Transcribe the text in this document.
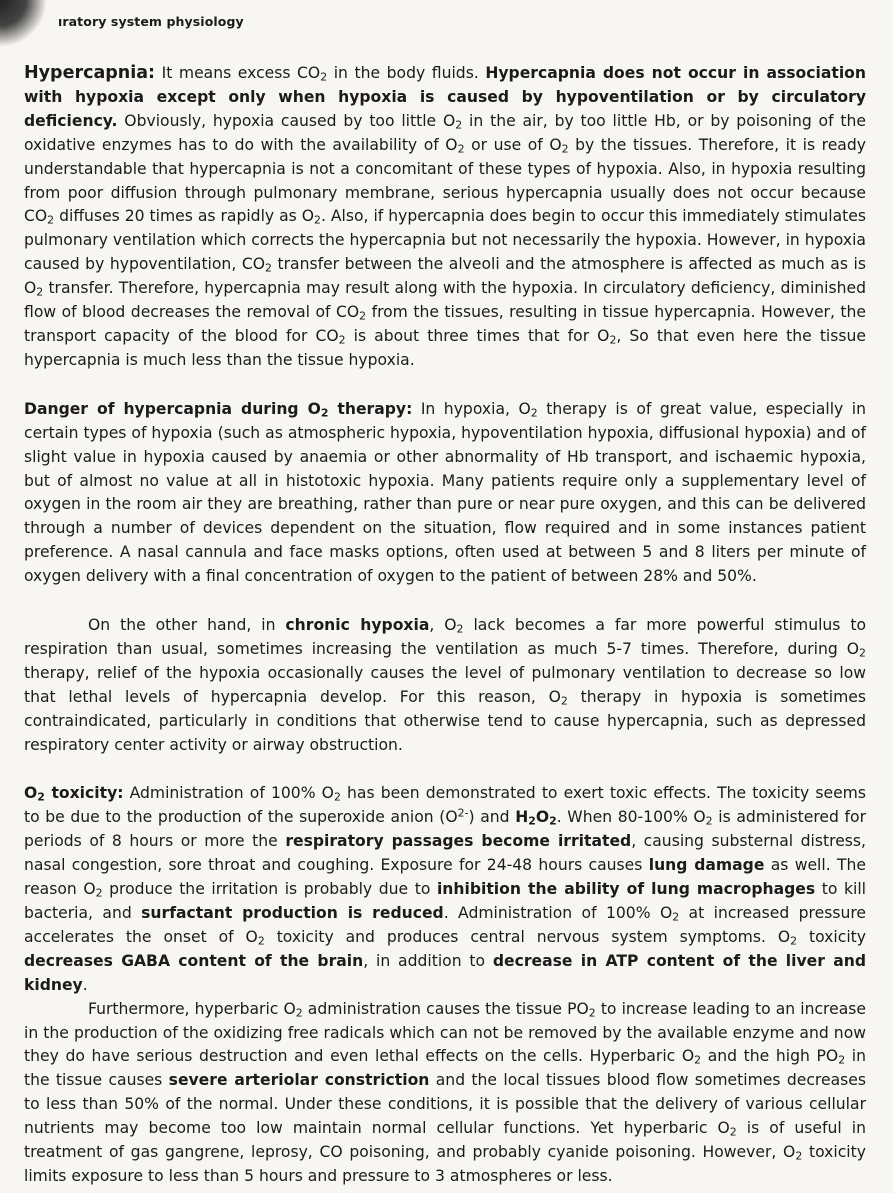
ıratory system physiology

Hypercapnia: It means excess $CO_2$ in the body fluids. Hypercapnia does not occur in association with hypoxia except only when hypoxia is caused by hypoventilation or by circulatory deficiency. Obviously, hypoxia caused by too little $O_2$ in the air, by too little Hb, or by poisoning of the oxidative enzymes has to do with the availability of $O_2$ or use of $O_2$ by the tissues. Therefore, it is ready understandable that hypercapnia is not a concomitant of these types of hypoxia. Also, in hypoxia resulting from poor diffusion through pulmonary membrane, serious hypercapnia usually does not occur because $CO_2$ diffuses 20 times as rapidly as $O_2$. Also, if hypercapnia does begin to occur this immediately stimulates pulmonary ventilation which corrects the hypercapnia but not necessarily the hypoxia. However, in hypoxia caused by hypoventilation, $CO_2$ transfer between the alveoli and the atmosphere is affected as much as is $O_2$ transfer. Therefore, hypercapnia may result along with the hypoxia. In circulatory deficiency, diminished flow of blood decreases the removal of $CO_2$ from the tissues, resulting in tissue hypercapnia. However, the transport capacity of the blood for $CO_2$ is about three times that for $O_2$, So that even here the tissue hypercapnia is much less than the tissue hypoxia.

Danger of hypercapnia during $O_2$ therapy: In hypoxia, $O_2$ therapy is of great value, especially in certain types of hypoxia (such as atmospheric hypoxia, hypoventilation hypoxia, diffusional hypoxia) and of slight value in hypoxia caused by anaemia or other abnormality of Hb transport, and ischaemic hypoxia, but of almost no value at all in histotoxic hypoxia. Many patients require only a supplementary level of oxygen in the room air they are breathing, rather than pure or near pure oxygen, and this can be delivered through a number of devices dependent on the situation, flow required and in some instances patient preference. A nasal cannula and face masks options, often used at between 5 and 8 liters per minute of oxygen delivery with a final concentration of oxygen to the patient of between 28% and 50%.

On the other hand, in chronic hypoxia, $O_2$ lack becomes a far more powerful stimulus to respiration than usual, sometimes increasing the ventilation as much 5-7 times. Therefore, during $O_2$ therapy, relief of the hypoxia occasionally causes the level of pulmonary ventilation to decrease so low that lethal levels of hypercapnia develop. For this reason, $O_2$ therapy in hypoxia is sometimes contraindicated, particularly in conditions that otherwise tend to cause hypercapnia, such as depressed respiratory center activity or airway obstruction.

$O_2$ toxicity: Administration of 100% $O_2$ has been demonstrated to exert toxic effects. The toxicity seems to be due to the production of the superoxide anion $(O^{2-})$ and $H_2O_2$. When 80-100% $O_2$ is administered for periods of 8 hours or more the respiratory passages become irritated, causing substernal distress, nasal congestion, sore throat and coughing. Exposure for 24-48 hours causes lung damage as well. The reason $O_2$ produce the irritation is probably due to inhibition the ability of lung macrophages to kill bacteria, and surfactant production is reduced. Administration of 100% $O_2$ at increased pressure accelerates the onset of $O_2$ toxicity and produces central nervous system symptoms. $O_2$ toxicity decreases GABA content of the brain, in addition to decrease in ATP content of the liver and kidney.

Furthermore, hyperbaric $O_2$ administration causes the tissue $PO_2$ to increase leading to an increase in the production of the oxidizing free radicals which can not be removed by the available enzyme and now they do have serious destruction and even lethal effects on the cells. Hyperbaric $O_2$ and the high $PO_2$ in the tissue causes severe arteriolar constriction and the local tissues blood flow sometimes decreases to less than 50% of the normal. Under these conditions, it is possible that the delivery of various cellular nutrients may become too low maintain normal cellular functions. Yet hyperbaric $O_2$ is of useful in treatment of gas gangrene, leprosy, CO poisoning, and probably cyanide poisoning. However, $O_2$ toxicity limits exposure to less than 5 hours and pressure to 3 atmospheres or less.
